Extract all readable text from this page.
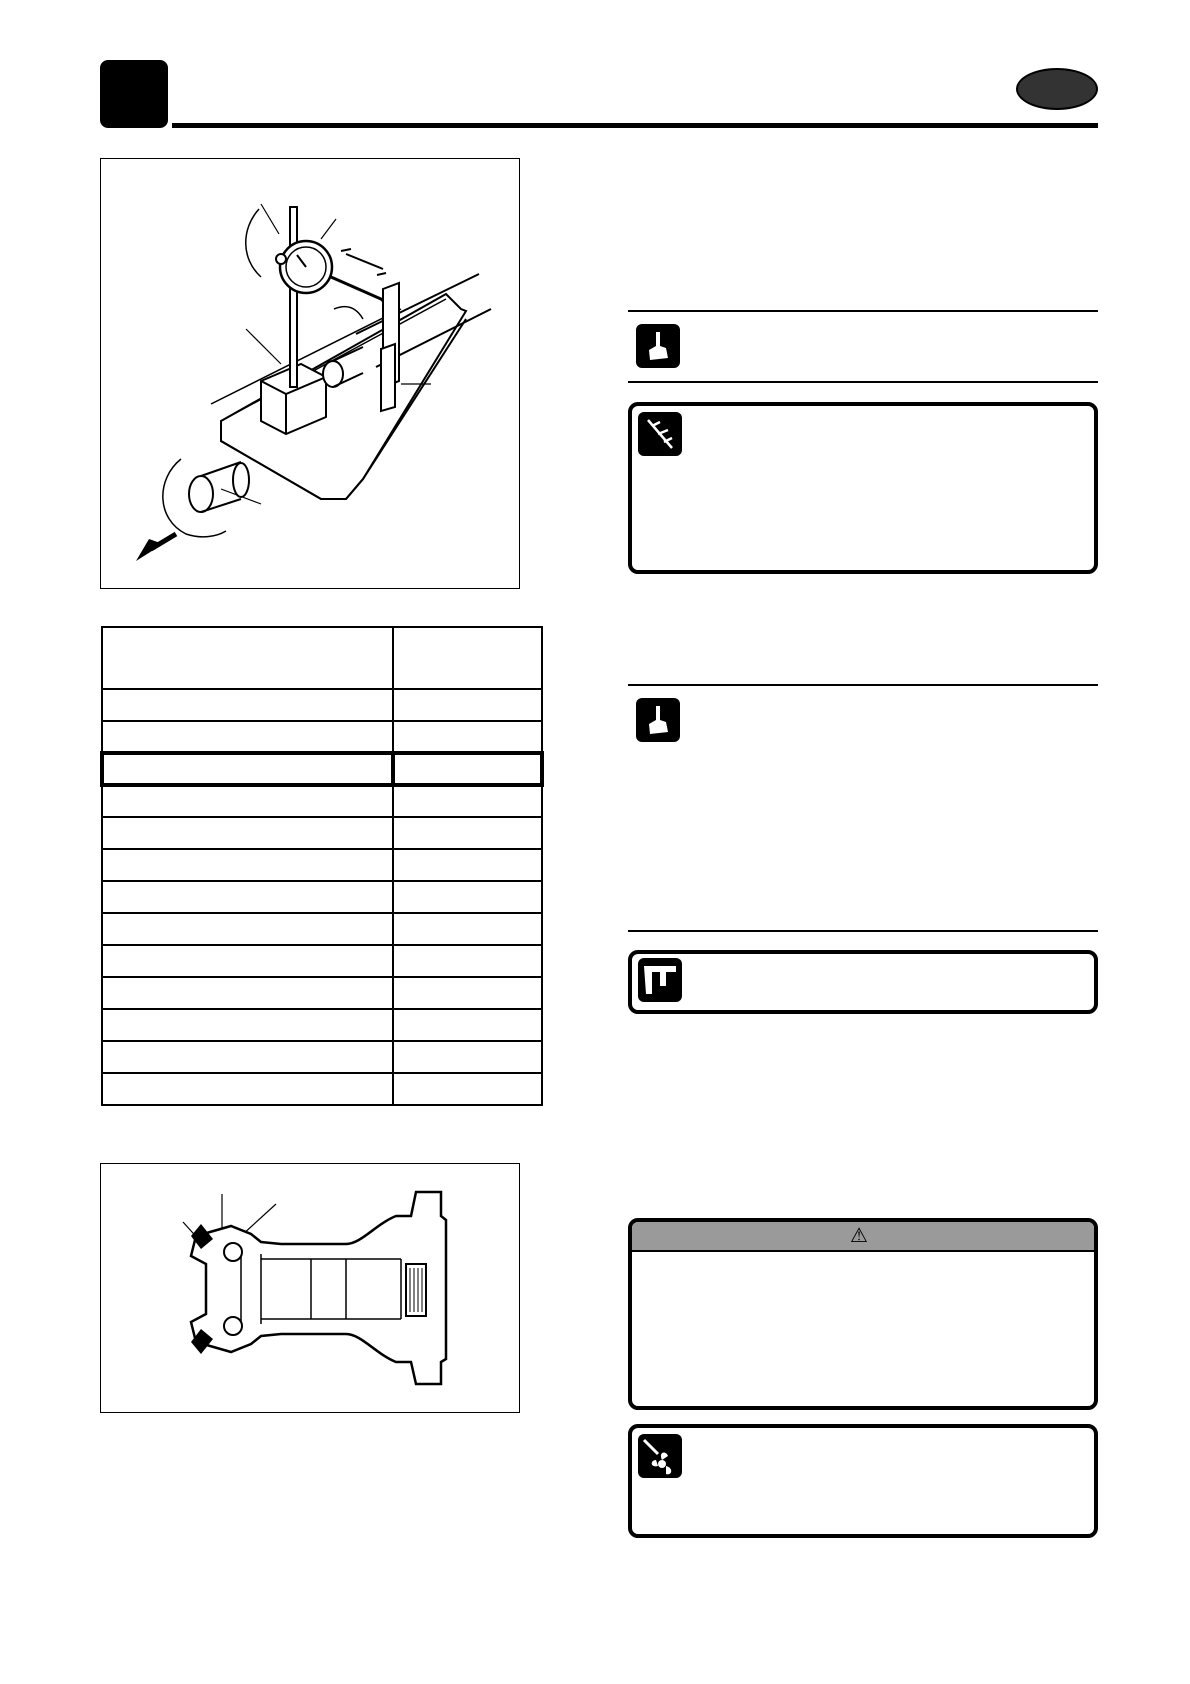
⚠
